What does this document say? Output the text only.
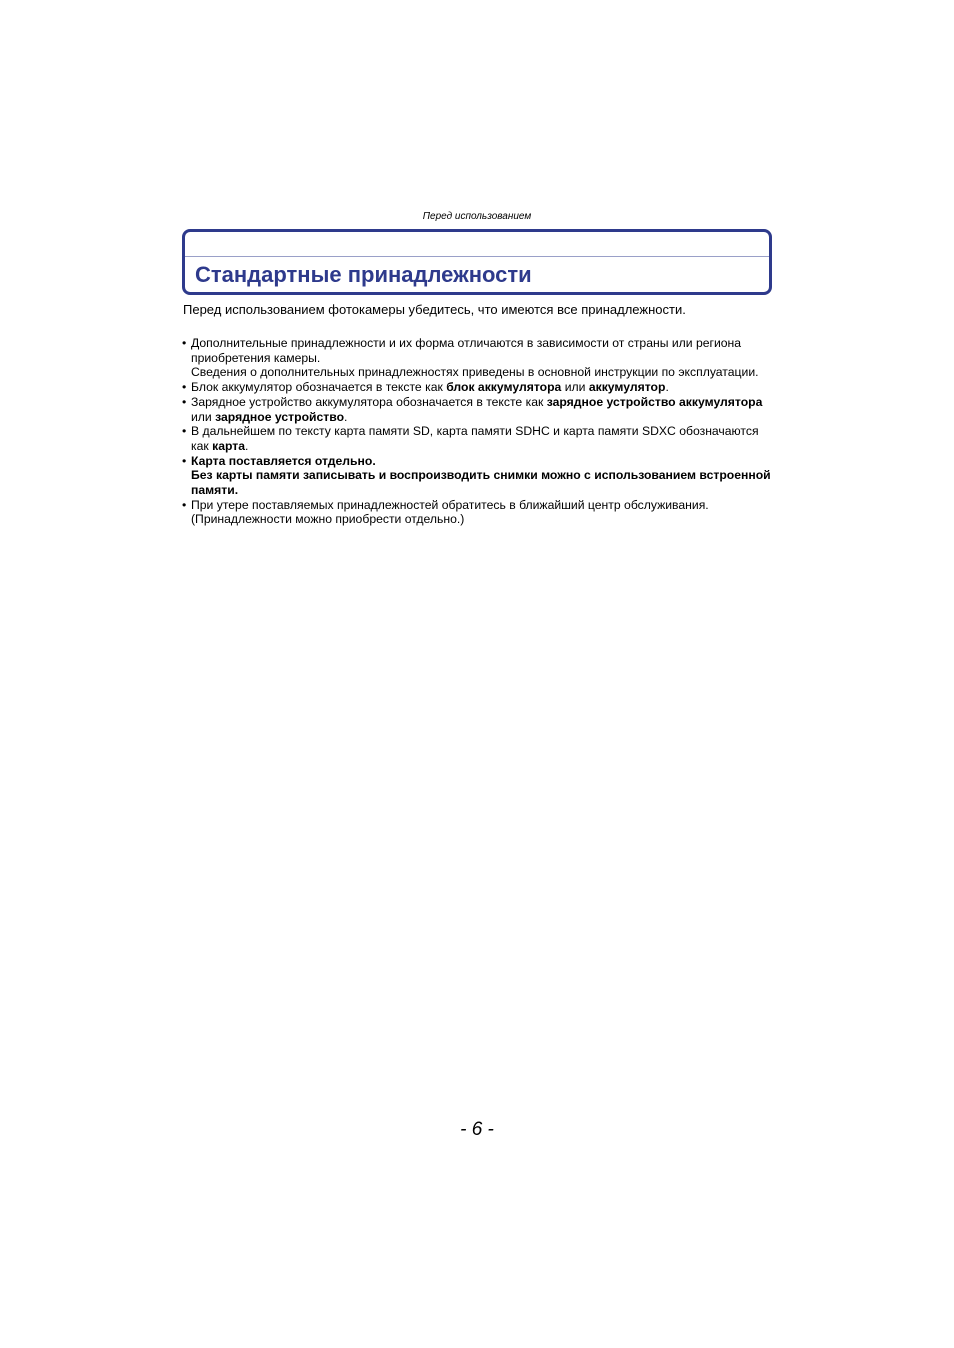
Перед использованием
Стандартные принадлежности
Перед использованием фотокамеры убедитесь, что имеются все принадлежности.
• Дополнительные принадлежности и их форма отличаются в зависимости от страны или региона приобретения камеры.
Сведения о дополнительных принадлежностях приведены в основной инструкции по эксплуатации.
• Блок аккумулятор обозначается в тексте как блок аккумулятора или аккумулятор.
• Зарядное устройство аккумулятора обозначается в тексте как зарядное устройство аккумулятора или зарядное устройство.
• В дальнейшем по тексту карта памяти SD, карта памяти SDHC и карта памяти SDXC обозначаются как карта.
• Карта поставляется отдельно.
Без карты памяти записывать и воспроизводить снимки можно с использованием встроенной памяти.
• При утере поставляемых принадлежностей обратитесь в ближайший центр обслуживания. (Принадлежности можно приобрести отдельно.)
- 6 -
